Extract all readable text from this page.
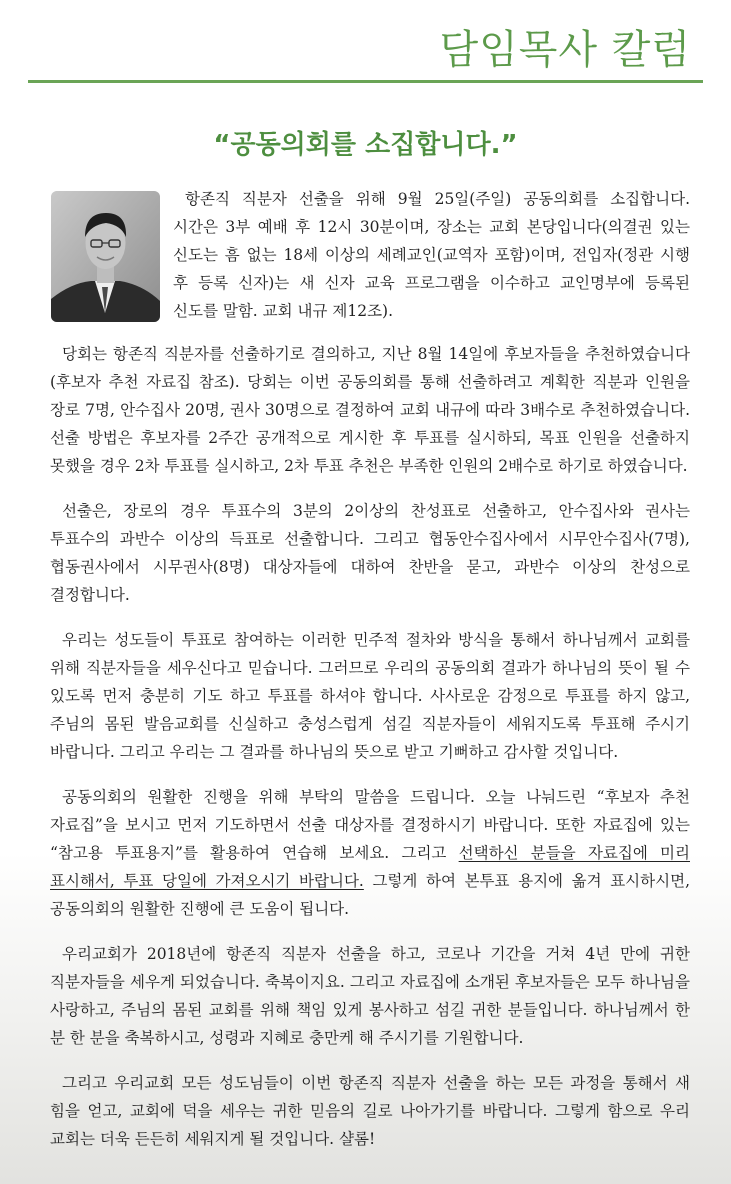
담임목사 칼럼
“공동의회를 소집합니다.”

항존직 직분자 선출을 위해 9월 25일(주일) 공동의회를 소집합니다. 시간은 3부 예배 후 12시 30분이며, 장소는 교회 본당입니다(의결권 있는 신도는 흠 없는 18세 이상의 세례교인(교역자 포함)이며, 전입자(정관 시행 후 등록 신자)는 새 신자 교육 프로그램을 이수하고 교인명부에 등록된 신도를 말함. 교회 내규 제12조).

당회는 항존직 직분자를 선출하기로 결의하고, 지난 8월 14일에 후보자들을 추천하였습니다(후보자 추천 자료집 참조). 당회는 이번 공동의회를 통해 선출하려고 계획한 직분과 인원을 장로 7명, 안수집사 20명, 권사 30명으로 결정하여 교회 내규에 따라 3배수로 추천하였습니다. 선출 방법은 후보자를 2주간 공개적으로 게시한 후 투표를 실시하되, 목표 인원을 선출하지 못했을 경우 2차 투표를 실시하고, 2차 투표 추천은 부족한 인원의 2배수로 하기로 하였습니다.

선출은, 장로의 경우 투표수의 3분의 2이상의 찬성표로 선출하고, 안수집사와 권사는 투표수의 과반수 이상의 득표로 선출합니다. 그리고 협동안수집사에서 시무안수집사(7명), 협동권사에서 시무권사(8명) 대상자들에 대하여 찬반을 묻고, 과반수 이상의 찬성으로 결정합니다.

우리는 성도들이 투표로 참여하는 이러한 민주적 절차와 방식을 통해서 하나님께서 교회를 위해 직분자들을 세우신다고 믿습니다. 그러므로 우리의 공동의회 결과가 하나님의 뜻이 될 수 있도록 먼저 충분히 기도 하고 투표를 하셔야 합니다. 사사로운 감정으로 투표를 하지 않고, 주님의 몸된 발음교회를 신실하고 충성스럽게 섬길 직분자들이 세워지도록 투표해 주시기 바랍니다. 그리고 우리는 그 결과를 하나님의 뜻으로 받고 기뻐하고 감사할 것입니다.

공동의회의 원활한 진행을 위해 부탁의 말씀을 드립니다. 오늘 나눠드린 “후보자 추천 자료집”을 보시고 먼저 기도하면서 선출 대상자를 결정하시기 바랍니다. 또한 자료집에 있는 “참고용 투표용지”를 활용하여 연습해 보세요. 그리고 선택하신 분들을 자료집에 미리 표시해서, 투표 당일에 가져오시기 바랍니다. 그렇게 하여 본투표 용지에 옮겨 표시하시면, 공동의회의 원활한 진행에 큰 도움이 됩니다.

우리교회가 2018년에 항존직 직분자 선출을 하고, 코로나 기간을 거쳐 4년 만에 귀한 직분자들을 세우게 되었습니다. 축복이지요. 그리고 자료집에 소개된 후보자들은 모두 하나님을 사랑하고, 주님의 몸된 교회를 위해 책임 있게 봉사하고 섬길 귀한 분들입니다. 하나님께서 한 분 한 분을 축복하시고, 성령과 지혜로 충만케 해 주시기를 기원합니다.

그리고 우리교회 모든 성도님들이 이번 항존직 직분자 선출을 하는 모든 과정을 통해서 새 힘을 얻고, 교회에 덕을 세우는 귀한 믿음의 길로 나아가기를 바랍니다. 그렇게 함으로 우리 교회는 더욱 든든히 세워지게 될 것입니다. 샬롬!
